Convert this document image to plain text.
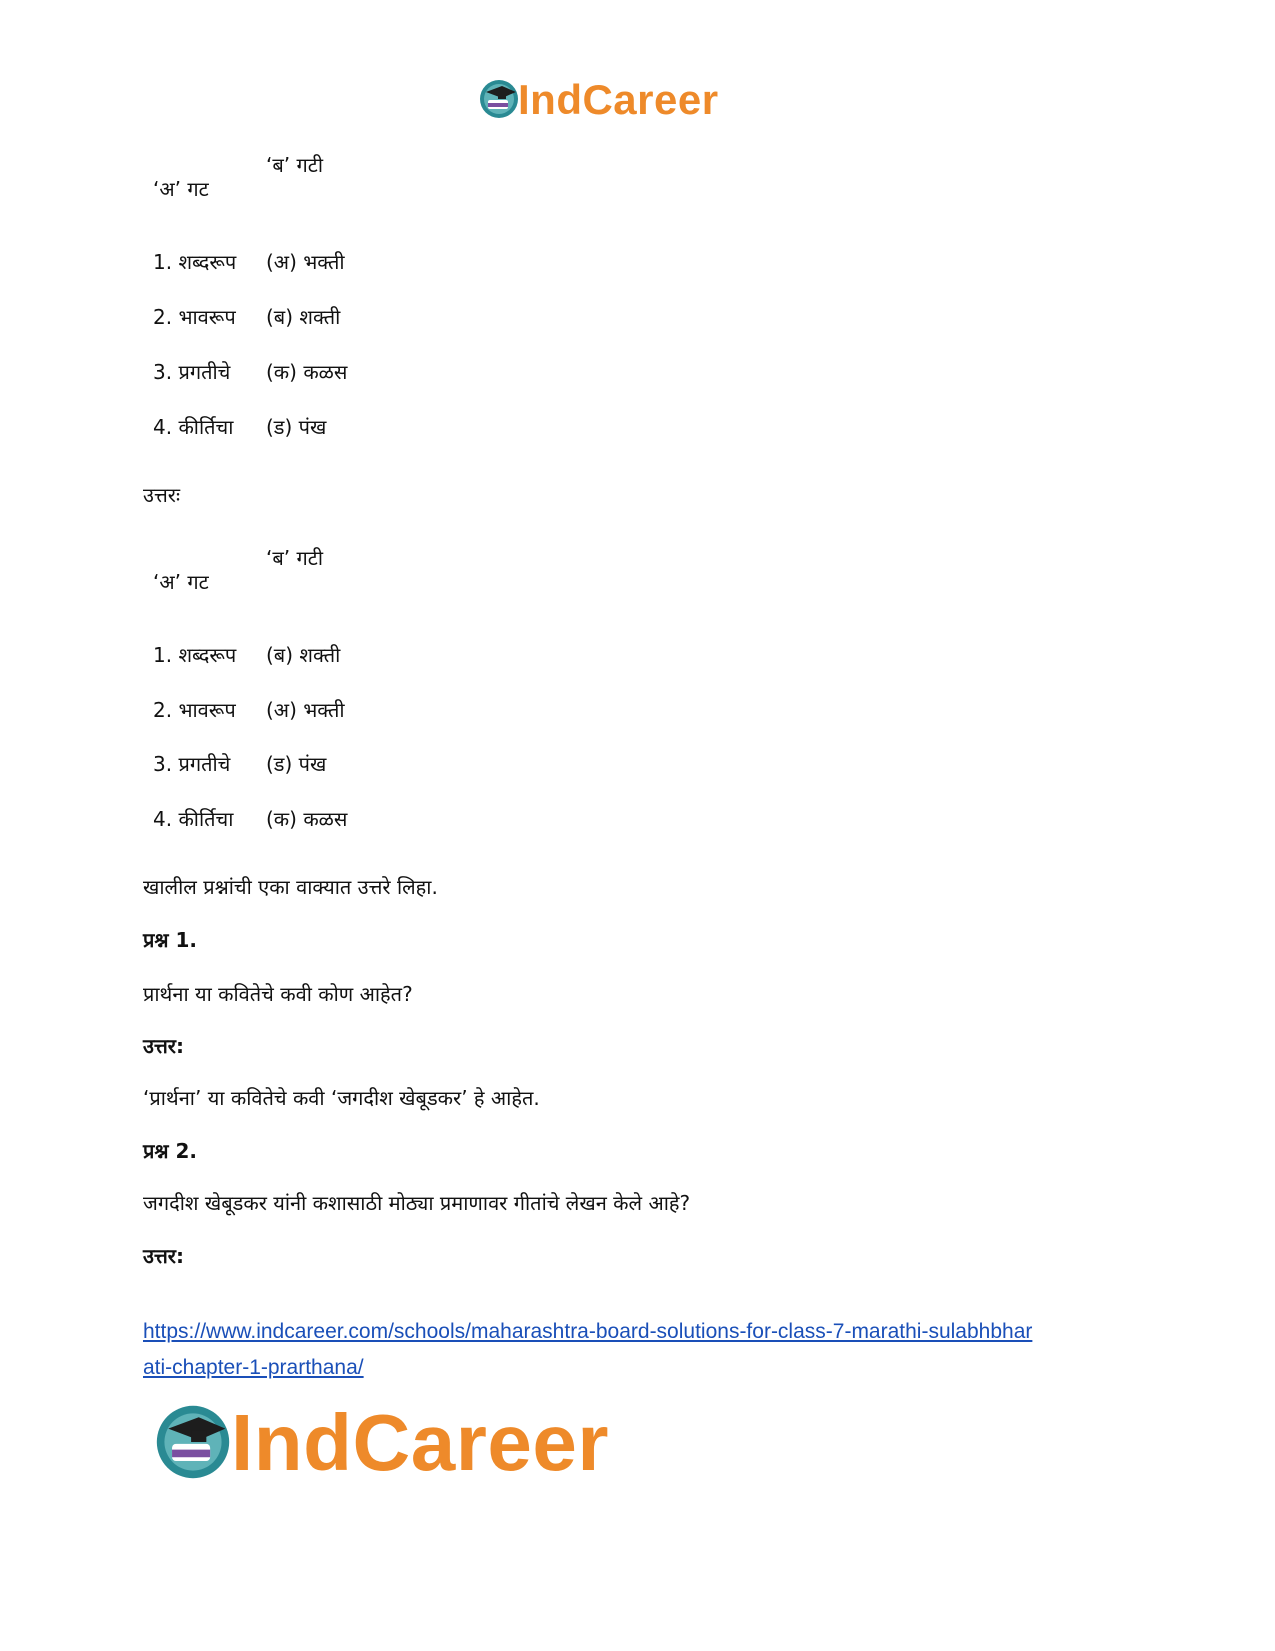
IndCareer
‘ब’ गटी
‘अ’ गट
1. शब्दरूप (अ) भक्ती
2. भावरूप (ब) शक्ती
3. प्रगतीचे (क) कळस
4. कीर्तिचा (ड) पंख
उत्तरः
‘ब’ गटी
‘अ’ गट
1. शब्दरूप (ब) शक्ती
2. भावरूप (अ) भक्ती
3. प्रगतीचे (ड) पंख
4. कीर्तिचा (क) कळस
खालील प्रश्नांची एका वाक्यात उत्तरे लिहा.
प्रश्न 1.
प्रार्थना या कवितेचे कवी कोण आहेत?
उत्तर:
‘प्रार्थना’ या कवितेचे कवी ‘जगदीश खेबूडकर’ हे आहेत.
प्रश्न 2.
जगदीश खेबूडकर यांनी कशासाठी मोठ्या प्रमाणावर गीतांचे लेखन केले आहे?
उत्तर:
https://www.indcareer.com/schools/maharashtra-board-solutions-for-class-7-marathi-sulabhbhar
ati-chapter-1-prarthana/
IndCareer
